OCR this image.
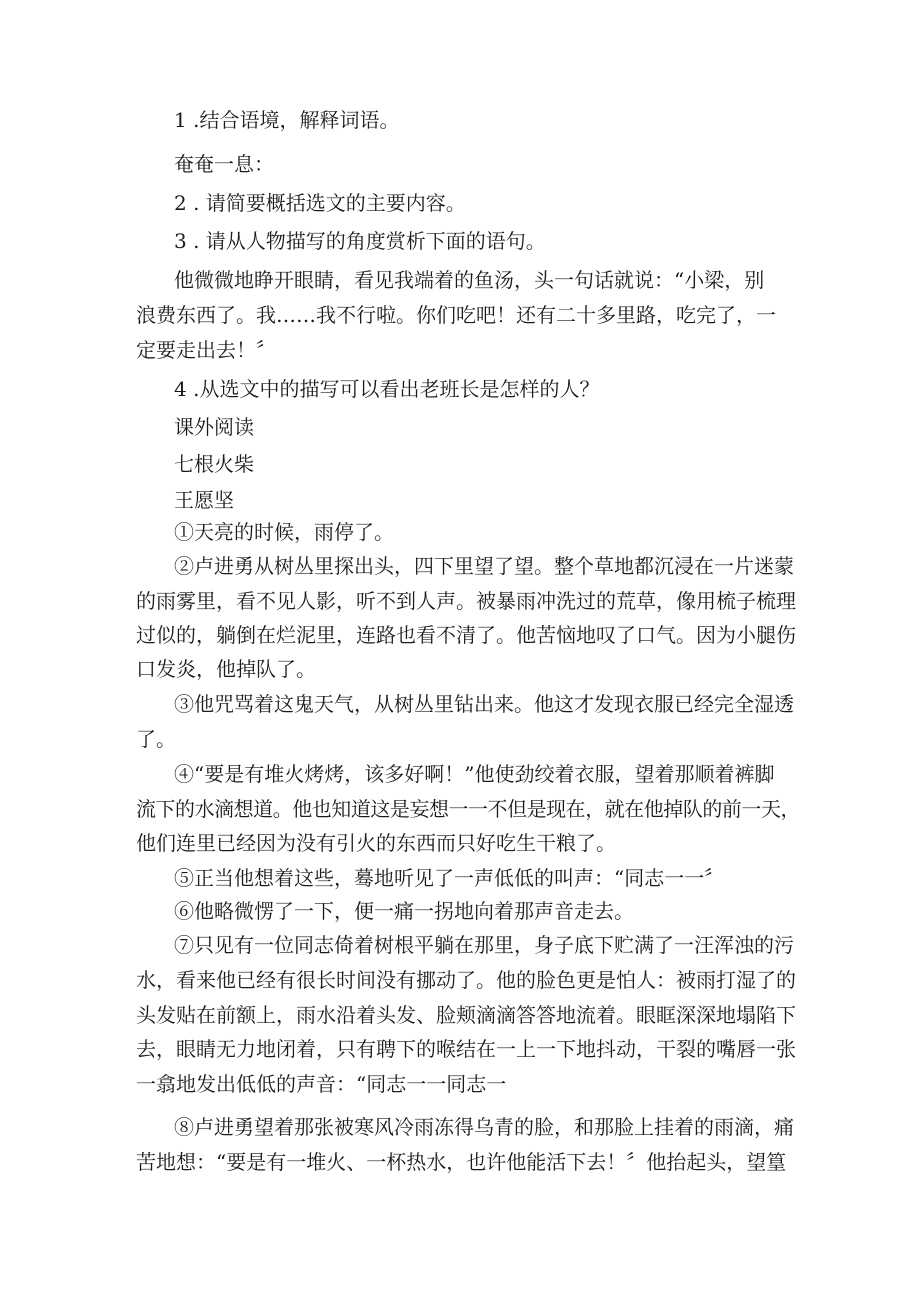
1 .结合语境，解释词语。
奄奄一息：
2 . 请简要概括选文的主要内容。
3 . 请从人物描写的角度赏析下面的语句。
他微微地睁开眼睛，看见我端着的鱼汤，头一句话就说：“小梁，别
浪费东西了。我……我不行啦。你们吃吧！还有二十多里路，吃完了，一
定要走出去！〞
4 .从选文中的描写可以看出老班长是怎样的人？
课外阅读
七根火柴
王愿坚
①天亮的时候，雨停了。
②卢进勇从树丛里探出头，四下里望了望。整个草地都沉浸在一片迷蒙
的雨雾里，看不见人影，听不到人声。被暴雨冲洗过的荒草，像用梳子梳理
过似的，躺倒在烂泥里，连路也看不清了。他苦恼地叹了口气。因为小腿伤
口发炎，他掉队了。
③他咒骂着这鬼天气，从树丛里钻出来。他这才发现衣服已经完全湿透
了。
④“要是有堆火烤烤，该多好啊！”他使劲绞着衣服，望着那顺着裤脚
流下的水滴想道。他也知道这是妄想一一不但是现在，就在他掉队的前一天，
他们连里已经因为没有引火的东西而只好吃生干粮了。
⑤正当他想着这些，蓦地听见了一声低低的叫声：“同志一一〞
⑥他略微愣了一下，便一痛一拐地向着那声音走去。
⑦只见有一位同志倚着树根平躺在那里，身子底下贮满了一汪浑浊的污
水，看来他已经有很长时间没有挪动了。他的脸色更是怕人：被雨打湿了的
头发贴在前额上，雨水沿着头发、脸颊滴滴答答地流着。眼眶深深地塌陷下
去，眼睛无力地闭着，只有聘下的喉结在一上一下地抖动，干裂的嘴唇一张
一翕地发出低低的声音：“同志一一同志一
⑧卢进勇望着那张被寒风冷雨冻得乌青的脸，和那脸上挂着的雨滴，痛
苦地想：“要是有一堆火、一杯热水，也许他能活下去！〞他抬起头，望篁
